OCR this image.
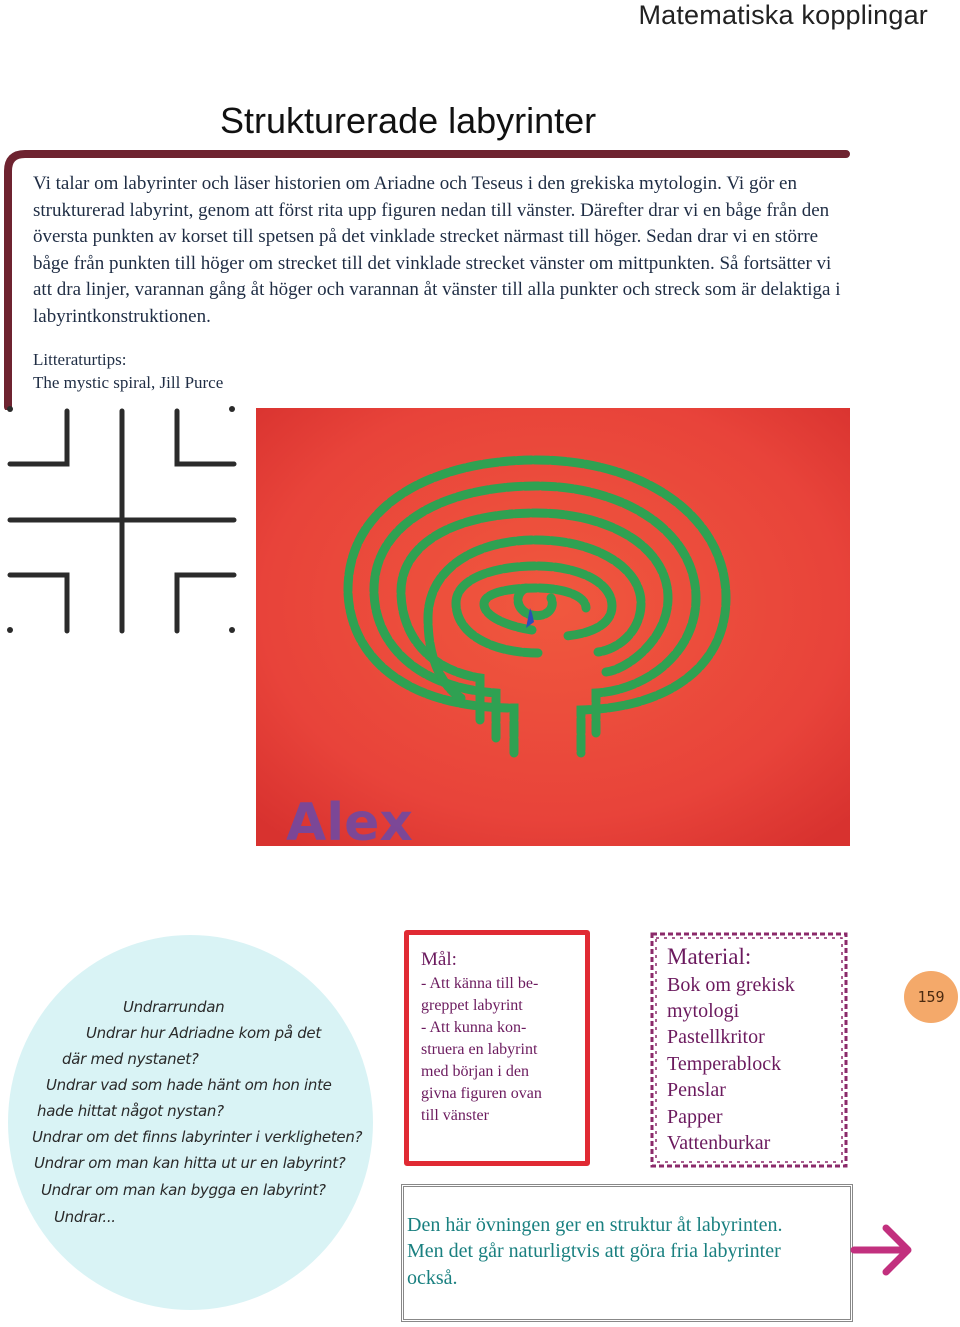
Matematiska kopplingar
Strukturerade labyrinter
Vi talar om labyrinter och läser historien om Ariadne och Teseus i den grekiska mytologin. Vi gör en strukturerad labyrint, genom att först rita upp figuren nedan till vänster. Därefter drar vi en båge från den översta punkten av korset till spetsen på det vinklade strecket närmast till höger. Sedan drar vi en större båge från punkten till höger om strecket till det vinklade strecket vänster om mittpunkten. Så fortsätter vi att dra linjer, varannan gång åt höger och varannan åt vänster till alla punkter och streck som är delaktiga i labyrintkonstruktionen.
Litteraturtips:
The mystic spiral, Jill Purce
Alex
Undrarrundan
Undrar hur Adriadne kom på det
där med nystanet?
Undrar vad som hade hänt om hon inte
hade hittat något nystan?
Undrar om det finns labyrinter i verkligheten?
Undrar om man kan hitta ut ur en labyrint?
Undrar om man kan bygga en labyrint?
Undrar...
Mål:
- Att känna till be-
greppet labyrint
- Att kunna kon-
struera en labyrint
med början i den
givna figuren ovan
till vänster
Material:
Bok om grekisk
mytologi
Pastellkritor
Temperablock
Penslar
Papper
Vattenburkar
Den här övningen ger en struktur åt labyrinten.
Men det går naturligtvis att göra fria labyrinter
också.
159
